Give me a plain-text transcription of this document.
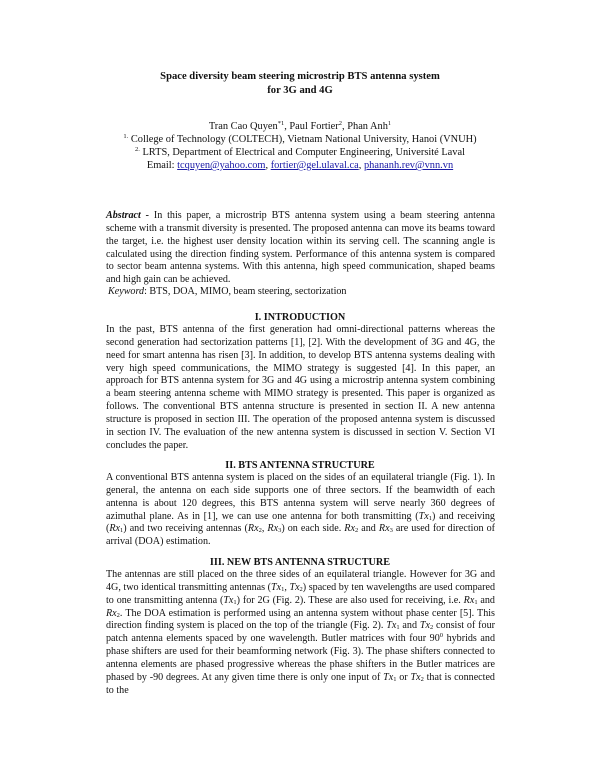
Space diversity beam steering microstrip BTS antenna system
for 3G and 4G
Tran Cao Quyen$^{*1}$, Paul Fortier$^2$, Phan Anh$^1$
$^{1.}$ College of Technology (COLTECH), Vietnam National University, Hanoi (VNUH)
$^{2.}$ LRTS, Department of Electrical and Computer Engineering, Université Laval
Email: tcquyen@yahoo.com, fortier@gel.ulaval.ca, phananh.rev@vnn.vn
Abstract - In this paper, a microstrip BTS antenna system using a beam steering antenna scheme with a transmit diversity is presented. The proposed antenna can move its beams toward the target, i.e. the highest user density location within its serving cell. The scanning angle is calculated using the direction finding system. Performance of this antenna system is compared to sector beam antenna systems. With this antenna, high speed communication, shaped beams and high gain can be achieved.
Keyword: BTS, DOA, MIMO, beam steering, sectorization
I. INTRODUCTION
In the past, BTS antenna of the first generation had omni-directional patterns whereas the second generation had sectorization patterns [1], [2]. With the development of 3G and 4G, the need for smart antenna has risen [3]. In addition, to develop BTS antenna systems dealing with very high speed communications, the MIMO strategy is suggested [4]. In this paper, an approach for BTS antenna system for 3G and 4G using a microstrip antenna system combining a beam steering antenna scheme with MIMO strategy is presented. This paper is organized as follows. The conventional BTS antenna structure is presented in section II. A new antenna structure is proposed in section III. The operation of the proposed antenna system is discussed in section IV. The evaluation of the new antenna system is discussed in section V. Section VI concludes the paper.
II. BTS ANTENNA STRUCTURE
A conventional BTS antenna system is placed on the sides of an equilateral triangle (Fig. 1). In general, the antenna on each side supports one of three sectors. If the beamwidth of each antenna is about 120 degrees, this BTS antenna system will serve nearly 360 degrees of azimuthal plane. As in [1], we can use one antenna for both transmitting $(Tx_1)$ and receiving $(Rx_1)$ and two receiving antennas ($Rx_2$, $Rx_3$) on each side. $Rx_2$ and $Rx_3$ are used for direction of arrival (DOA) estimation.
III. NEW BTS ANTENNA STRUCTURE
The antennas are still placed on the three sides of an equilateral triangle. However for 3G and 4G, two identical transmitting antennas ($Tx_1$, $Tx_2$) spaced by ten wavelengths are used compared to one transmitting antenna $(Tx_1)$ for 2G (Fig. 2). These are also used for receiving, i.e. $Rx_1$ and $Rx_2$. The DOA estimation is performed using an antenna system without phase center [5]. This direction finding system is placed on the top of the triangle (Fig. 2). $Tx_1$ and $Tx_2$ consist of four patch antenna elements spaced by one wavelength. Butler matrices with four $90^0$ hybrids and phase shifters are used for their beamforming network (Fig. 3). The phase shifters connected to antenna elements are phased progressive whereas the phase shifters in the Butler matrices are phased by -90 degrees. At any given time there is only one input of $Tx_1$ or $Tx_2$ that is connected to the
